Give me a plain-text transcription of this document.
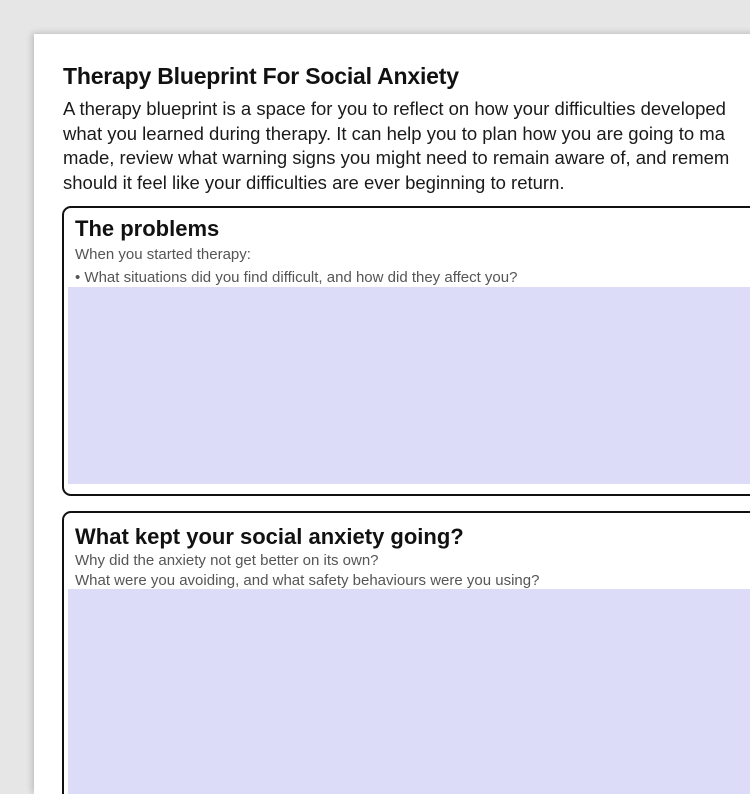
Therapy Blueprint For Social Anxiety
A therapy blueprint is a space for you to reflect on how your difficulties developed
what you learned during therapy. It can help you to plan how you are going to ma
made, review what warning signs you might need to remain aware of, and remem
should it feel like your difficulties are ever beginning to return.
The problems
When you started therapy:
• What situations did you find difficult, and how did they affect you?
What kept your social anxiety going?
Why did the anxiety not get better on its own?
What were you avoiding, and what safety behaviours were you using?
